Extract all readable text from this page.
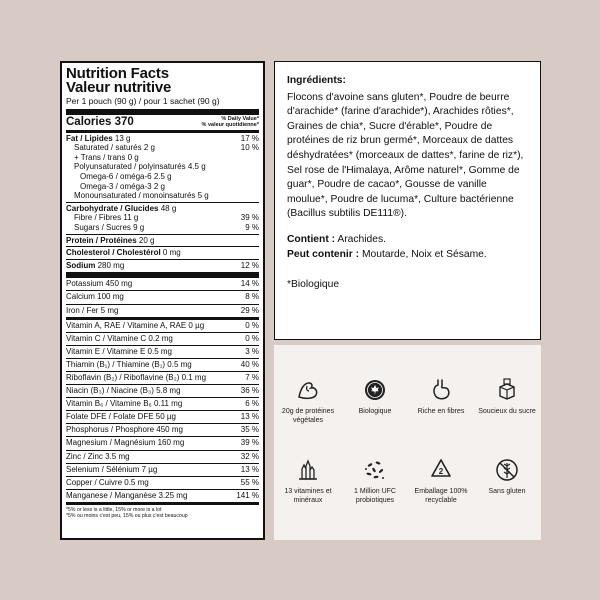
Nutrition Facts
Valeur nutritive
Per 1 pouch (90 g) / pour 1 sachet (90 g)
Calories 370	% Daily Value*
% valeur quotidienne*
Fat / Lipides 13 g	17 %
Saturated / saturés 2 g	10 %
+ Trans / trans 0 g
Polyunsaturated / polyinsaturés 4.5 g
Omega-6 / oméga-6 2.5 g
Omega-3 / oméga-3 2 g
Monounsaturated / monoinsaturés 5 g
Carbohydrate / Glucides 48 g
Fibre / Fibres 11 g	39 %
Sugars / Sucres 9 g	9 %
Protein / Protéines 20 g
Cholesterol / Cholestérol 0 mg
Sodium 280 mg	12 %
Potassium 450 mg	14 %
Calcium 100 mg	8 %
Iron / Fer 5 mg	29 %
Vitamin A, RAE / Vitamine A, RAE 0 µg	0 %
Vitamin C / Vitamine C 0.2 mg	0 %
Vitamin E / Vitamine E 0.5 mg	3 %
Thiamin (B₁) / Thiamine (B₁) 0.5 mg	40 %
Riboflavin (B₂) / Riboflavine (B₂) 0.1 mg	7 %
Niacin (B₃) / Niacine (B₃) 5.8 mg	36 %
Vitamin B₆ / Vitamine B₆ 0.11 mg	6 %
Folate DFE / Folate DFE 50 µg	13 %
Phosphorus / Phosphore 450 mg	35 %
Magnesium / Magnésium 160 mg	39 %
Zinc / Zinc 3.5 mg	32 %
Selenium / Sélénium 7 µg	13 %
Copper / Cuivre 0.5 mg	55 %
Manganese / Manganèse 3.25 mg	141 %
*5% or less is a little, 15% or more is a lot
*5% ou moins c'est peu, 15% ou plus c'est beaucoup
Ingrédients:

Flocons d'avoine sans gluten*, Poudre de beurre d'arachide* (farine d'arachide*), Arachides rôties*, Graines de chia*, Sucre d'érable*, Poudre de protéines de riz brun germé*, Morceaux de dattes déshydratées* (morceaux de dattes*, farine de riz*), Sel rose de l'Himalaya, Arôme naturel*, Gomme de guar*, Poudre de cacao*, Gousse de vanille moulue*, Poudre de lucuma*, Culture bactérienne (Bacillus subtilis DE111®).

Contient : Arachides.
Peut contenir : Moutarde, Noix et Sésame.
*Biologique
20g de protéines végétales
Biologique	Riche en fibres	Soucieux du sucre
13 vitamines et minéraux
1 Million UFC probiotiques
2
Emballage 100% recyclable
Sans gluten
